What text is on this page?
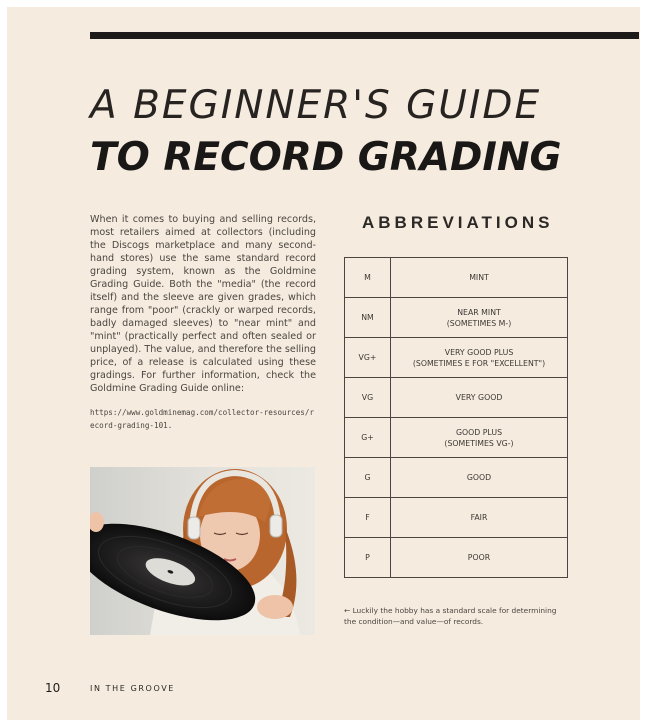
A BEGINNER'S GUIDE
TO RECORD GRADING

When it comes to buying and selling records, most retailers aimed at collectors (including the Discogs marketplace and many second-hand stores) use the same standard record grading system, known as the Goldmine Grading Guide. Both the "media" (the record itself) and the sleeve are given grades, which range from "poor" (crackly or warped records, badly damaged sleeves) to "near mint" and "mint" (practically perfect and often sealed or unplayed). The value, and therefore the selling price, of a release is calculated using these gradings. For further information, check the Goldmine Grading Guide online:

https://www.goldminemag.com/collector-resources/record-grading-101.

ABBREVIATIONS
M	MINT
NM	NEAR MINT
(SOMETIMES M-)
VG+	VERY GOOD PLUS
(SOMETIMES E FOR "EXCELLENT")
VG	VERY GOOD
G+	GOOD PLUS
(SOMETIMES VG-)
G	GOOD
F	FAIR
P	POOR

← Luckily the hobby has a standard scale for determining the condition—and value—of records.

10	IN THE GROOVE
